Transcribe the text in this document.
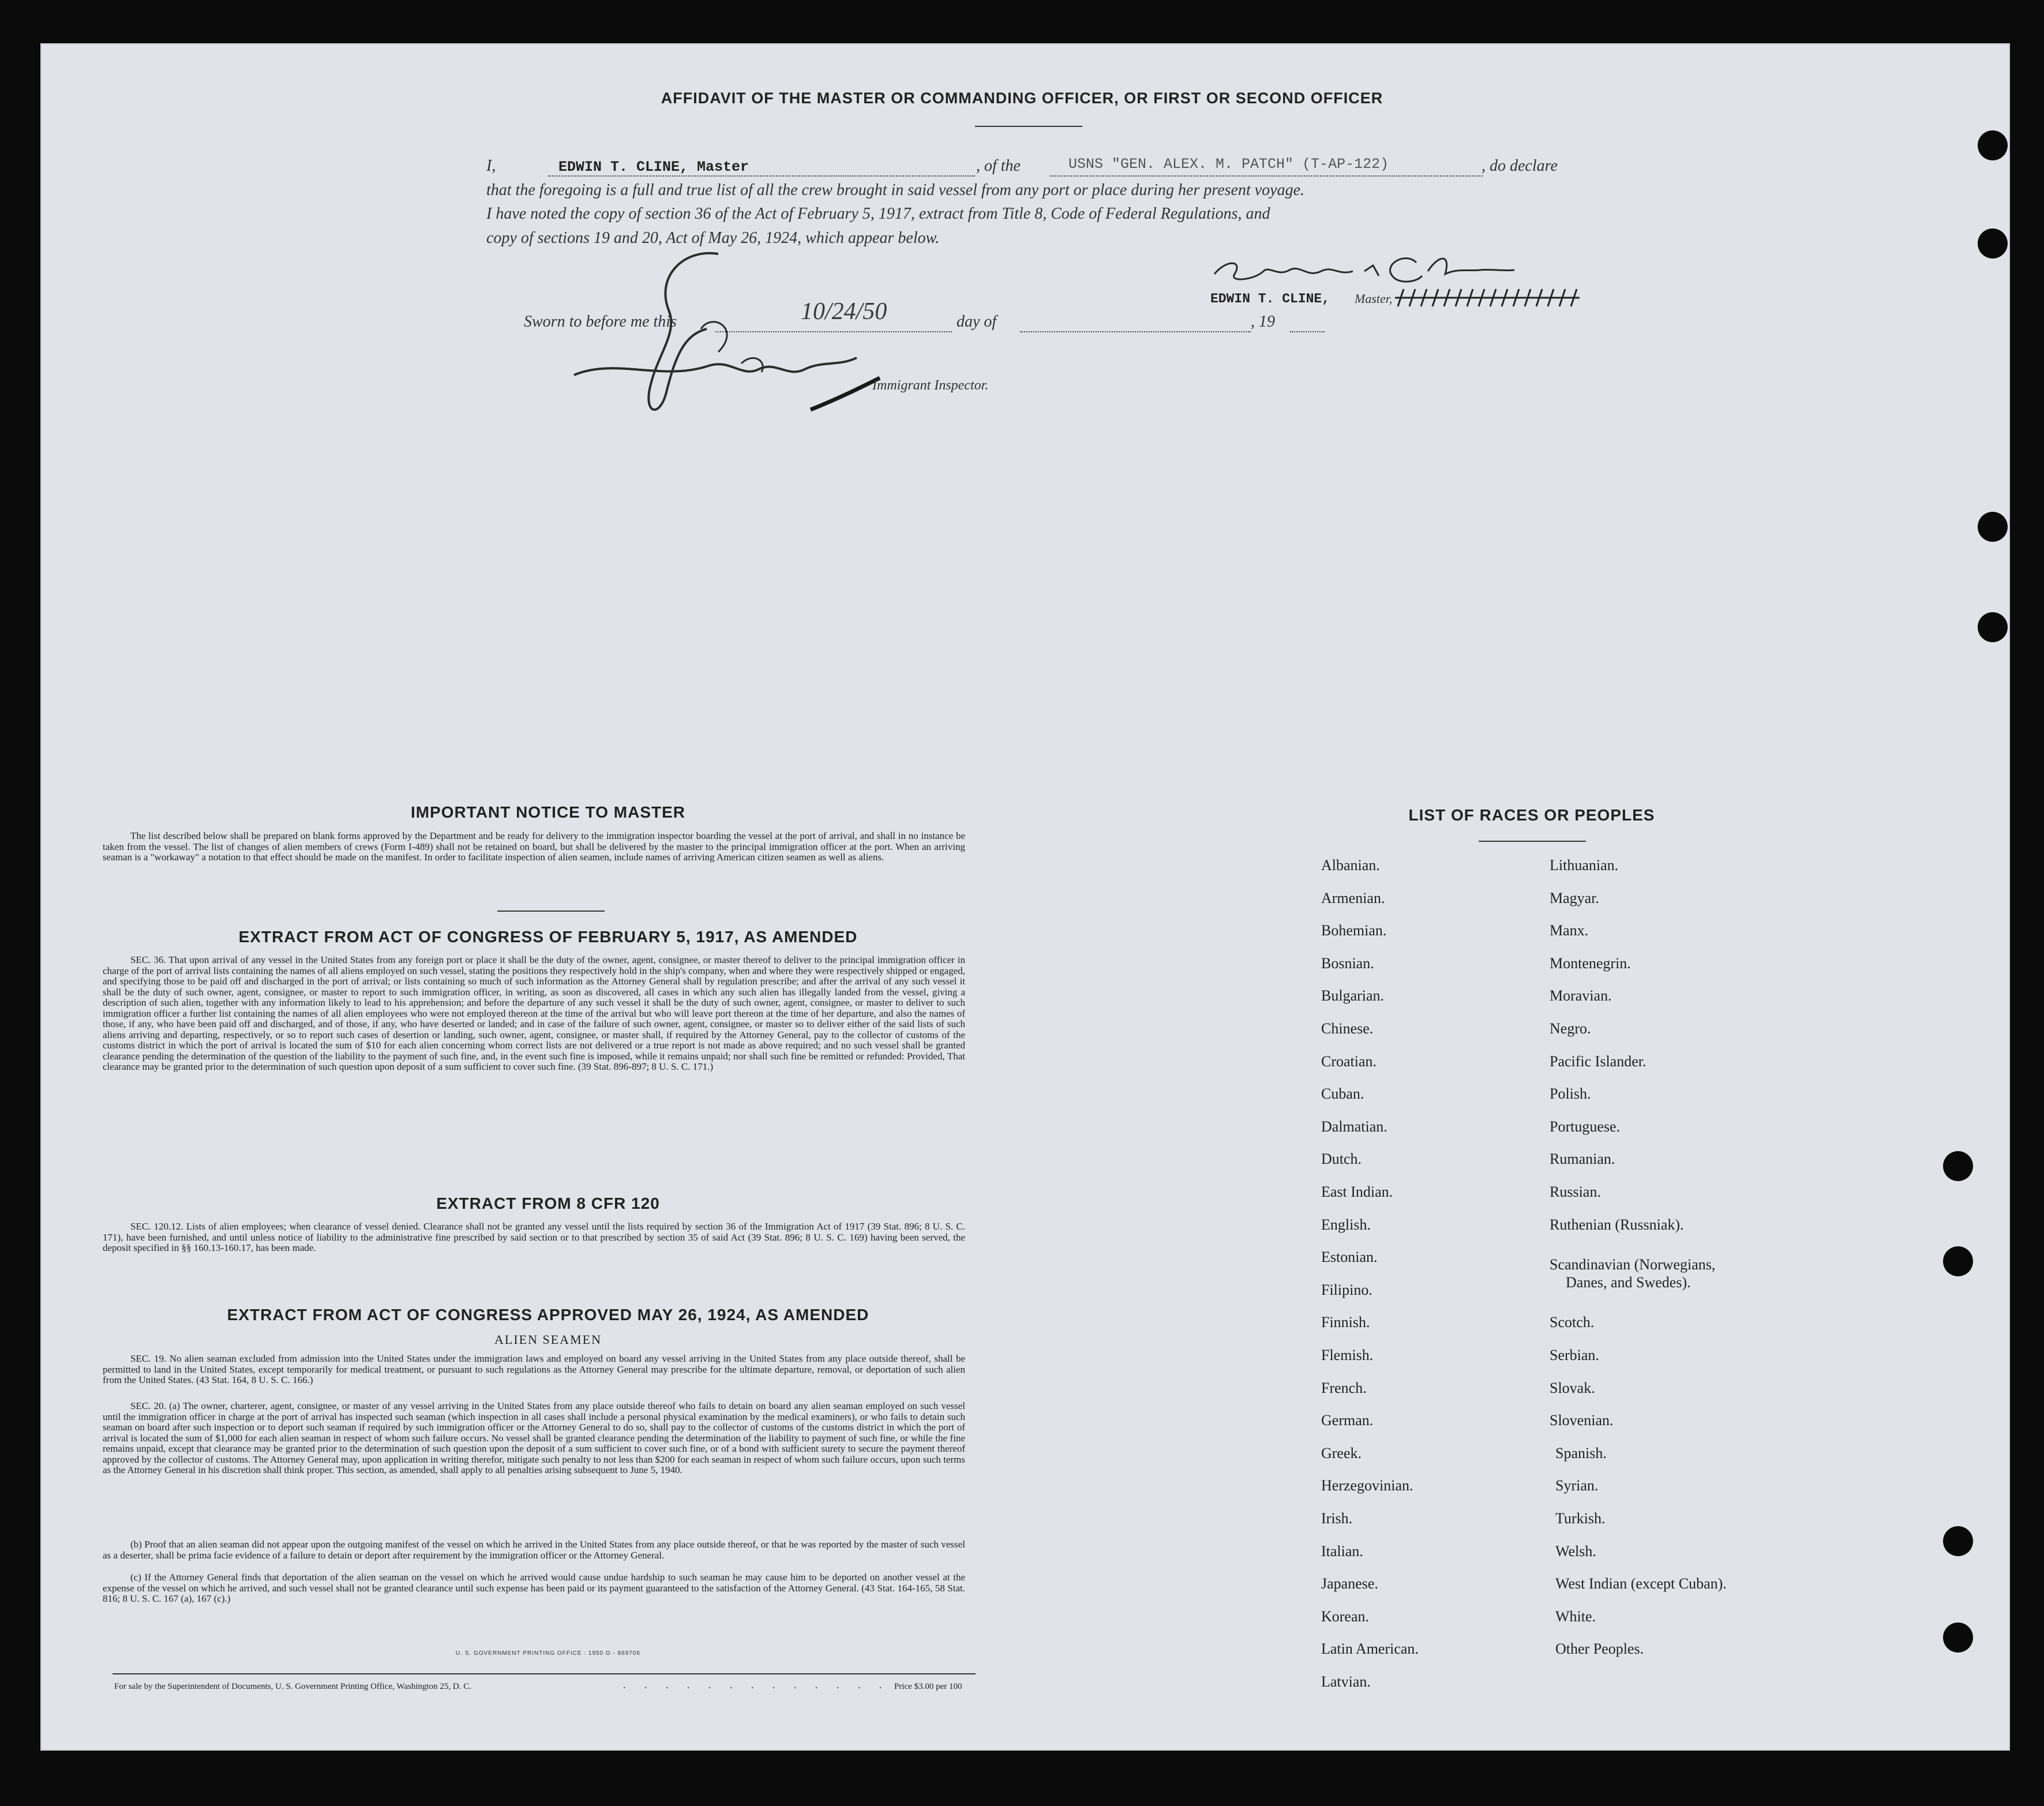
AFFIDAVIT OF THE MASTER OR COMMANDING OFFICER, OR FIRST OR SECOND OFFICER
I,	EDWIN T. CLINE, Master	, of the	USNS "GEN. ALEX. M. PATCH" (T-AP-122)	, do declare
that the foregoing is a full and true list of all the crew brought in said vessel from any port or place during her present voyage.
I have noted the copy of section 36 of the Act of February 5, 1917, extract from Title 8, Code of Federal Regulations, and
copy of sections 19 and 20, Act of May 26, 1924, which appear below.
EDWIN T. CLINE, Master,
Sworn to before me this	10/24/50	day of	, 19
Immigrant Inspector.
IMPORTANT NOTICE TO MASTER
The list described below shall be prepared on blank forms approved by the Department and be ready for delivery to the immigration inspector boarding the vessel at the port of arrival, and shall in no instance be taken from the vessel. The list of changes of alien members of crews (Form I-489) shall not be retained on board, but shall be delivered by the master to the principal immigration officer at the port. When an arriving seaman is a "workaway" a notation to that effect should be made on the manifest. In order to facilitate inspection of alien seamen, include names of arriving American citizen seamen as well as aliens.
EXTRACT FROM ACT OF CONGRESS OF FEBRUARY 5, 1917, AS AMENDED
SEC. 36. That upon arrival of any vessel in the United States from any foreign port or place it shall be the duty of the owner, agent, consignee, or master thereof to deliver to the principal immigration officer in charge of the port of arrival lists containing the names of all aliens employed on such vessel, stating the positions they respectively hold in the ship's company, when and where they were respectively shipped or engaged, and specifying those to be paid off and discharged in the port of arrival; or lists containing so much of such information as the Attorney General shall by regulation prescribe; and after the arrival of any such vessel it shall be the duty of such owner, agent, consignee, or master to report to such immigration officer, in writing, as soon as discovered, all cases in which any such alien has illegally landed from the vessel, giving a description of such alien, together with any information likely to lead to his apprehension; and before the departure of any such vessel it shall be the duty of such owner, agent, consignee, or master to deliver to such immigration officer a further list containing the names of all alien employees who were not employed thereon at the time of the arrival but who will leave port thereon at the time of her departure, and also the names of those, if any, who have been paid off and discharged, and of those, if any, who have deserted or landed; and in case of the failure of such owner, agent, consignee, or master so to deliver either of the said lists of such aliens arriving and departing, respectively, or so to report such cases of desertion or landing, such owner, agent, consignee, or master shall, if required by the Attorney General, pay to the collector of customs of the customs district in which the port of arrival is located the sum of $10 for each alien concerning whom correct lists are not delivered or a true report is not made as above required; and no such vessel shall be granted clearance pending the determination of the question of the liability to the payment of such fine, and, in the event such fine is imposed, while it remains unpaid; nor shall such fine be remitted or refunded: Provided, That clearance may be granted prior to the determination of such question upon deposit of a sum sufficient to cover such fine. (39 Stat. 896-897; 8 U. S. C. 171.)
EXTRACT FROM 8 CFR 120
SEC. 120.12. Lists of alien employees; when clearance of vessel denied. Clearance shall not be granted any vessel until the lists required by section 36 of the Immigration Act of 1917 (39 Stat. 896; 8 U. S. C. 171), have been furnished, and until unless notice of liability to the administrative fine prescribed by said section or to that prescribed by section 35 of said Act (39 Stat. 896; 8 U. S. C. 169) having been served, the deposit specified in §§ 160.13-160.17, has been made.
EXTRACT FROM ACT OF CONGRESS APPROVED MAY 26, 1924, AS AMENDED
ALIEN SEAMEN
SEC. 19. No alien seaman excluded from admission into the United States under the immigration laws and employed on board any vessel arriving in the United States from any place outside thereof, shall be permitted to land in the United States, except temporarily for medical treatment, or pursuant to such regulations as the Attorney General may prescribe for the ultimate departure, removal, or deportation of such alien from the United States. (43 Stat. 164, 8 U. S. C. 166.)
SEC. 20. (a) The owner, charterer, agent, consignee, or master of any vessel arriving in the United States from any place outside thereof who fails to detain on board any alien seaman employed on such vessel until the immigration officer in charge at the port of arrival has inspected such seaman (which inspection in all cases shall include a personal physical examination by the medical examiners), or who fails to detain such seaman on board after such inspection or to deport such seaman if required by such immigration officer or the Attorney General to do so, shall pay to the collector of customs of the customs district in which the port of arrival is located the sum of $1,000 for each alien seaman in respect of whom such failure occurs. No vessel shall be granted clearance pending the determination of the liability to payment of such fine, or while the fine remains unpaid, except that clearance may be granted prior to the determination of such question upon the deposit of a sum sufficient to cover such fine, or of a bond with sufficient surety to secure the payment thereof approved by the collector of customs. The Attorney General may, upon application in writing therefor, mitigate such penalty to not less than $200 for each seaman in respect of whom such failure occurs, upon such terms as the Attorney General in his discretion shall think proper. This section, as amended, shall apply to all penalties arising subsequent to June 5, 1940.
(b) Proof that an alien seaman did not appear upon the outgoing manifest of the vessel on which he arrived in the United States from any place outside thereof, or that he was reported by the master of such vessel as a deserter, shall be prima facie evidence of a failure to detain or deport after requirement by the immigration officer or the Attorney General.
(c) If the Attorney General finds that deportation of the alien seaman on the vessel on which he arrived would cause undue hardship to such seaman he may cause him to be deported on another vessel at the expense of the vessel on which he arrived, and such vessel shall not be granted clearance until such expense has been paid or its payment guaranteed to the satisfaction of the Attorney General. (43 Stat. 164-165, 58 Stat. 816; 8 U. S. C. 167 (a), 167 (c).)
U. S. GOVERNMENT PRINTING OFFICE : 1950 O - 869706
For sale by the Superintendent of Documents, U. S. Government Printing Office, Washington 25, D. C.	. . . . . . . . . . . . . Price $3.00 per 100
LIST OF RACES OR PEOPLES
Albanian.
Armenian.
Bohemian.
Bosnian.
Bulgarian.
Chinese.
Croatian.
Cuban.
Dalmatian.
Dutch.
East Indian.
English.
Estonian.
Filipino.
Finnish.
Flemish.
French.
German.
Greek.
Herzegovinian.
Irish.
Italian.
Japanese.
Korean.
Latin American.
Latvian.
Lithuanian.
Magyar.
Manx.
Montenegrin.
Moravian.
Negro.
Pacific Islander.
Polish.
Portuguese.
Rumanian.
Russian.
Ruthenian (Russniak).
Scandinavian (Norwegians,
Danes, and Swedes).
Scotch.
Serbian.
Slovak.
Slovenian.
Spanish.
Syrian.
Turkish.
Welsh.
West Indian (except Cuban).
White.
Other Peoples.
